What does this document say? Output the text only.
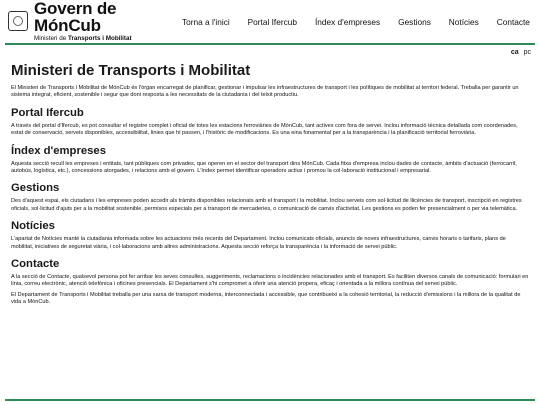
Govern de MónCub
Ministeri de Transports i Mobilitat
Torna a l'inici Portal Ifercub Índex d'empreses Gestions Notícies Contacte
ca pc
Ministeri de Transports i Mobilitat

El Ministeri de Transports i Mobilitat de MónCub és l'òrgan encarregat de planificar, gestionar i impulsar les infraestructures de transport i les polítiques de mobilitat al territori federal. Treballa per garantir un sistema integrat, eficient, sostenible i segur que doni resposta a les necessitats de la ciutadania i del teixit productiu.

Portal Ifercub

A través del portal d'Ifercub, es pot consultar el registre complet i oficial de totes les estacions ferroviàries de MónCub, tant actives com fora de servei. Inclou informació tècnica detallada com coordenades, estat de conservació, serveis disponibles, accessibilitat, línies que hi passen, i l'històric de modificacions. Es una eina fonamental per a la transparència i la planificació territorial ferroviària.

Índex d'empreses

Aquesta secció recull les empreses i entitats, tant públiques com privades, que operen en el sector del transport dins MónCub. Cada fitxa d'empresa inclou dades de contacte, àmbits d'actuació (ferrocarril, autobús, logística, etc.), concessions atorgades, i relacions amb el govern. L'índex permet identificar operadors actius i promou la col·laboració institucional i empresarial.

Gestions

Des d'aquest espai, els ciutadans i les empreses poden accedir als tràmits disponibles relacionats amb el transport i la mobilitat. Inclou serveis com sol·licitud de llicències de transport, inscripció en registres oficials, sol·licitud d'ajuts per a la mobilitat sostenible, permisos especials per a transport de mercaderies, o comunicació de canvis d'activitat. Les gestions es poden fer presencialment o per via telemàtica.

Notícies

L'apartat de Notícies manté la ciutadania informada sobre les actuacions més recents del Departament. Inclou comunicats oficials, anuncis de noves infraestructures, canvis horaris o tarifaris, plans de mobilitat, iniciatives de seguretat viària, i col·laboracions amb altres administracions. Aquesta secció reforça la transparència i la informació de servei públic.

Contacte

A la secció de Contacte, qualsevol persona pot fer arribar les seves consultes, suggeriments, reclamacions o incidències relacionades amb el transport. Es faciliten diversos canals de comunicació: formulari en línia, correu electrònic, atenció telefònica i oficines presencials. El Departament s'hi compromet a oferir una atenció propera, eficaç i orientada a la millora contínua del servei públic.

El Departament de Transports i Mobilitat treballa per una xarxa de transport moderna, interconnectada i accessible, que contribueixi a la cohesió territorial, la reducció d'emissions i la millora de la qualitat de vida a MónCub.
